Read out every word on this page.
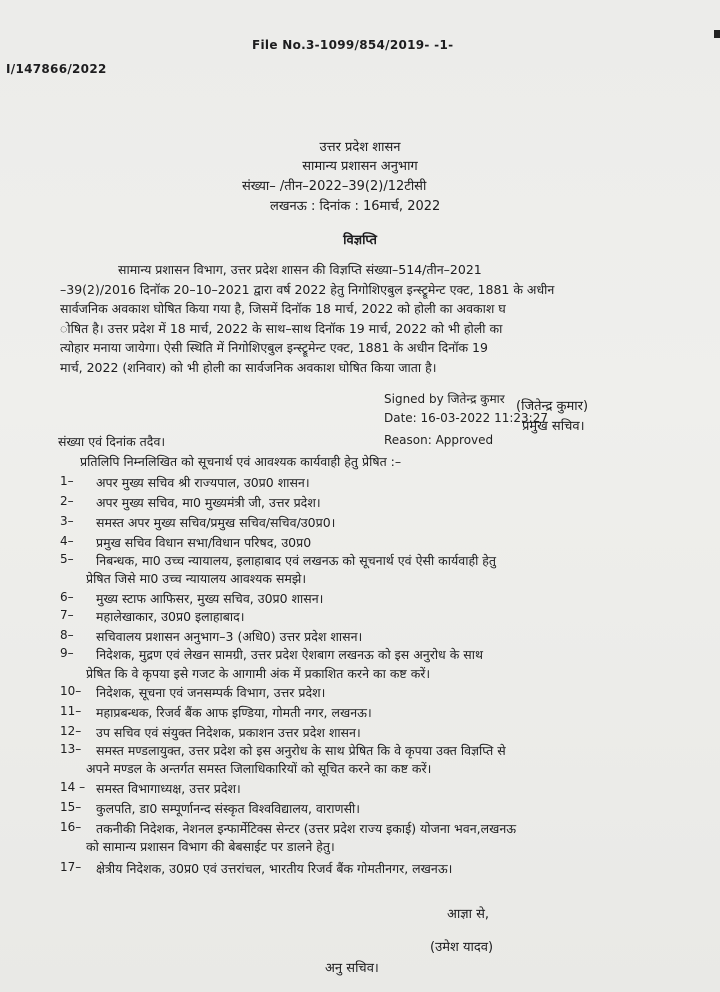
File No.3-1099/854/2019- -1-
I/147866/2022
उत्तर प्रदेश शासन
सामान्य प्रशासन अनुभाग
संख्या– /तीन–2022–39(2)/12टीसी
लखनऊ : दिनांक : 16मार्च, 2022
विज्ञप्ति

सामान्य प्रशासन विभाग, उत्तर प्रदेश शासन की विज्ञप्ति संख्या–514/तीन–2021

–39(2)/2016 दिनॉक 20–10–2021 द्वारा वर्ष 2022 हेतु निगोशिएबुल इन्स्ट्रूमेन्ट एक्ट, 1881 के अधीन

सार्वजनिक अवकाश घोषित किया गया है, जिसमें दिनॉक 18 मार्च, 2022 को होली का अवकाश घ

ोषित है। उत्तर प्रदेश में 18 मार्च, 2022 के साथ–साथ दिनॉक 19 मार्च, 2022 को भी होली का

त्योहार मनाया जायेगा। ऐसी स्थिति में निगोशिएबुल इन्स्ट्रूमेन्ट एक्ट, 1881 के अधीन दिनॉक 19

मार्च, 2022 (शनिवार) को भी होली का सार्वजनिक अवकाश घोषित किया जाता है।

Signed by जितेन्द्र कुमार
Date: 16-03-2022 11:23:27
Reason: Approved
(जितेन्द्र कुमार)
प्रमुख सचिव।
संख्या एवं दिनांक तदैव।
प्रतिलिपि निम्नलिखित को सूचनार्थ एवं आवश्यक कार्यवाही हेतु प्रेषित :–
1– अपर मुख्य सचिव श्री राज्यपाल, उ0प्र0 शासन।
2– अपर मुख्य सचिव, मा0 मुख्यमंत्री जी, उत्तर प्रदेश।
3– समस्त अपर मुख्य सचिव/प्रमुख सचिव/सचिव/उ0प्र0।
4– प्रमुख सचिव विधान सभा/विधान परिषद, उ0प्र0
5– निबन्धक, मा0 उच्च न्यायालय, इलाहाबाद एवं लखनऊ को सूचनार्थ एवं ऐसी कार्यवाही हेतु
प्रेषित जिसे मा0 उच्च न्यायालय आवश्यक समझे।
6– मुख्य स्टाफ आफिसर, मुख्य सचिव, उ0प्र0 शासन।
7– महालेखाकार, उ0प्र0 इलाहाबाद।
8– सचिवालय प्रशासन अनुभाग–3 (अधि0) उत्तर प्रदेश शासन।
9– निदेशक, मुद्रण एवं लेखन सामग्री, उत्तर प्रदेश ऐशबाग लखनऊ को इस अनुरोध के साथ
प्रेषित कि वे कृपया इसे गजट के आगामी अंक में प्रकाशित करने का कष्ट करें।
10– निदेशक, सूचना एवं जनसम्पर्क विभाग, उत्तर प्रदेश।
11– महाप्रबन्धक, रिजर्व बैंक आफ इण्डिया, गोमती नगर, लखनऊ।
12– उप सचिव एवं संयुक्त निदेशक, प्रकाशन उत्तर प्रदेश शासन।
13– समस्त मण्डलायुक्त, उत्तर प्रदेश को इस अनुरोध के साथ प्रेषित कि वे कृपया उक्त विज्ञप्ति से
अपने मण्डल के अन्तर्गत समस्त जिलाधिकारियों को सूचित करने का कष्ट करें।
14 – समस्त विभागाध्यक्ष, उत्तर प्रदेश।
15– कुलपति, डा0 सम्पूर्णानन्द संस्कृत विश्वविद्यालय, वाराणसी।
16– तकनीकी निदेशक, नेशनल इन्फार्मेटिक्स सेन्टर (उत्तर प्रदेश राज्य इकाई) योजना भवन,लखनऊ
को सामान्य प्रशासन विभाग की बेबसाईट पर डालने हेतु।
17– क्षेत्रीय निदेशक, उ0प्र0 एवं उत्तरांचल, भारतीय रिजर्व बैंक गोमतीनगर, लखनऊ।
आज्ञा से,
(उमेश यादव)
अनु सचिव।
